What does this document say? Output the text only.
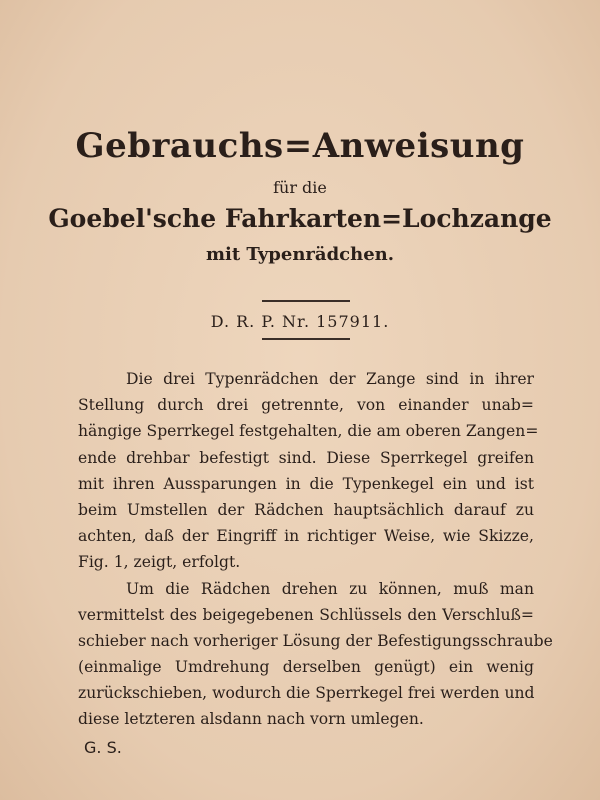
Gebrauchs=Anweisung
für die
Goebel'sche Fahrkarten=Lochzange
mit Typenrädchen.
D. R. P. Nr. 157911.
Die drei Typenrädchen der Zange sind in ihrer
Stellung durch drei getrennte, von einander unab=
hängige Sperrkegel festgehalten, die am oberen Zangen=
ende drehbar befestigt sind. Diese Sperrkegel greifen
mit ihren Aussparungen in die Typenkegel ein und ist
beim Umstellen der Rädchen hauptsächlich darauf zu
achten, daß der Eingriff in richtiger Weise, wie Skizze,
Fig. 1, zeigt, erfolgt.
Um die Rädchen drehen zu können, muß man
vermittelst des beigegebenen Schlüssels den Verschluß=
schieber nach vorheriger Lösung der Befestigungsschraube
(einmalige Umdrehung derselben genügt) ein wenig
zurückschieben, wodurch die Sperrkegel frei werden und
diese letzteren alsdann nach vorn umlegen.
G. S.
